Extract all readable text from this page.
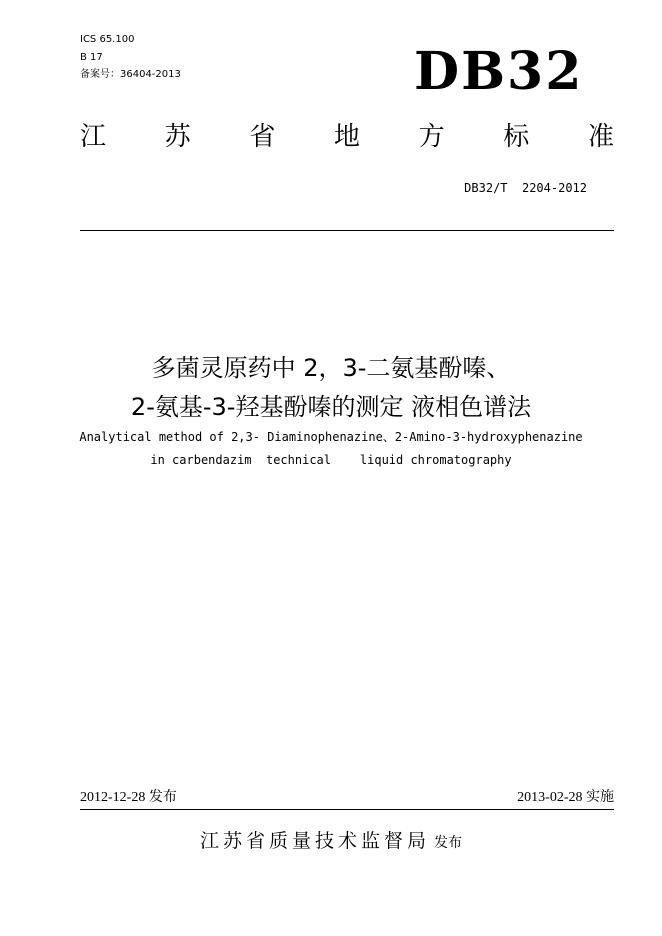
ICS 65.100
B 17
备案号：36404-2013	DB32
江 苏 省 地 方 标 准
DB32/T  2204-2012
多菌灵原药中 2，3-二氨基酚嗪、
2-氨基-3-羟基酚嗪的测定 液相色谱法
Analytical method of 2,3- Diaminophenazine、2-Amino-3-hydroxyphenazine
in carbendazim  technical    liquid chromatography
2012-12-28 发布	2013-02-28 实施
江苏省质量技术监督局 发布
